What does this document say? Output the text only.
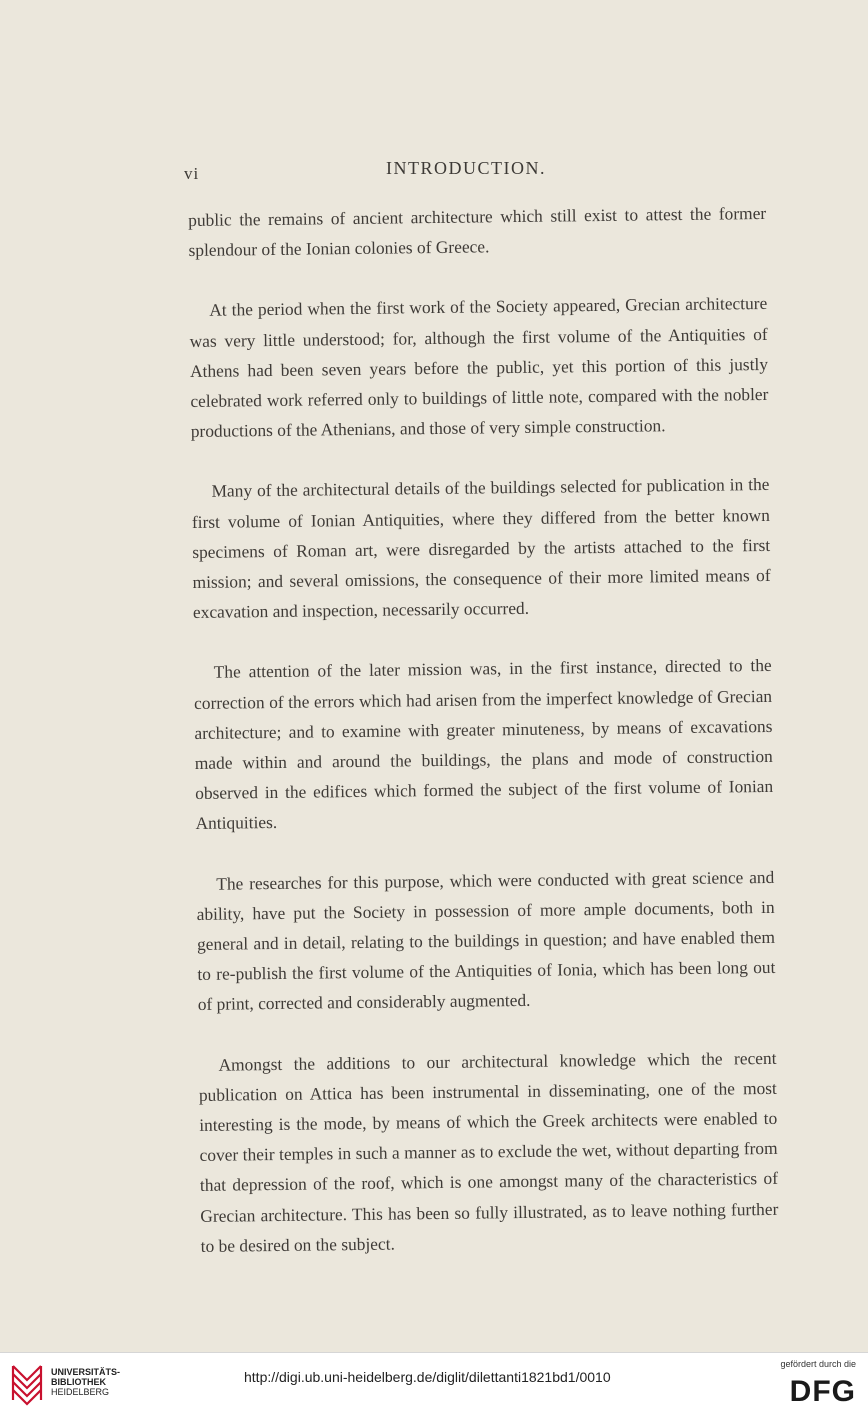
vi	INTRODUCTION.

public the remains of ancient architecture which still exist to attest the former splendour of the Ionian colonies of Greece.

At the period when the first work of the Society appeared, Grecian architecture was very little understood; for, although the first volume of the Antiquities of Athens had been seven years before the public, yet this portion of this justly celebrated work referred only to buildings of little note, compared with the nobler productions of the Athenians, and those of very simple construction.

Many of the architectural details of the buildings selected for publication in the first volume of Ionian Antiquities, where they differed from the better known specimens of Roman art, were disregarded by the artists attached to the first mission; and several omissions, the consequence of their more limited means of excavation and inspection, necessarily occurred.

The attention of the later mission was, in the first instance, directed to the correction of the errors which had arisen from the imperfect knowledge of Grecian architecture; and to examine with greater minuteness, by means of excavations made within and around the buildings, the plans and mode of construction observed in the edifices which formed the subject of the first volume of Ionian Antiquities.

The researches for this purpose, which were conducted with great science and ability, have put the Society in possession of more ample documents, both in general and in detail, relating to the buildings in question; and have enabled them to re-publish the first volume of the Antiquities of Ionia, which has been long out of print, corrected and considerably augmented.

Amongst the additions to our architectural knowledge which the recent publication on Attica has been instrumental in disseminating, one of the most interesting is the mode, by means of which the Greek architects were enabled to cover their temples in such a manner as to exclude the wet, without departing from that depression of the roof, which is one amongst many of the characteristics of Grecian architecture. This has been so fully illustrated, as to leave nothing further to be desired on the subject.

UNIVERSITÄTS-
BIBLIOTHEK
HEIDELBERG
http://digi.ub.uni-heidelberg.de/diglit/dilettanti1821bd1/0010
gefördert durch die
DFG
